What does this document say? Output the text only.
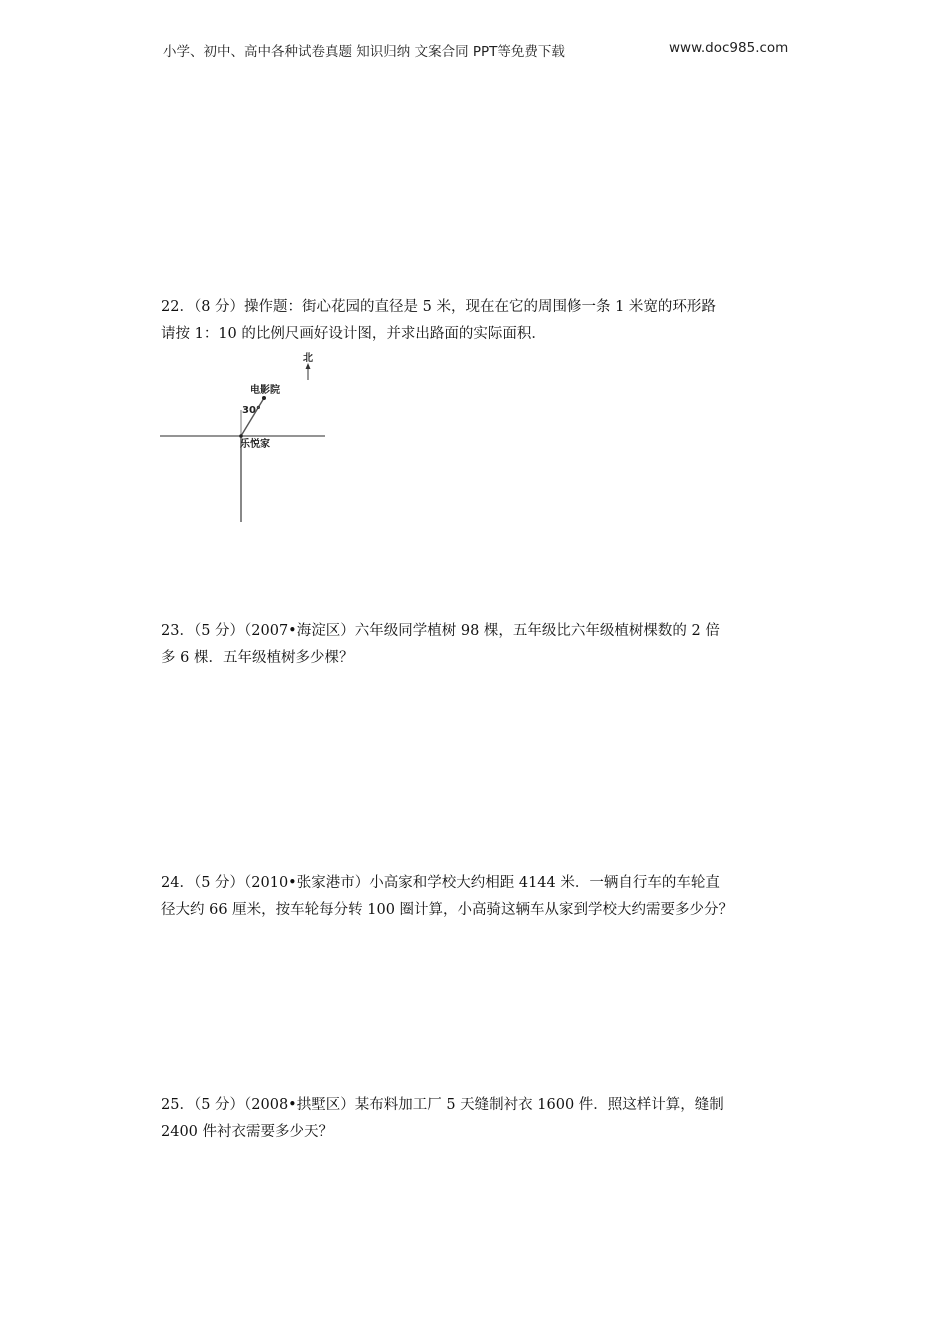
小学、初中、高中各种试卷真题 知识归纳 文案合同 PPT等免费下载	www.doc985.com

22．（8 分）操作题：街心花园的直径是 5 米，现在在它的周围修一条 1 米宽的环形路

请按 1：10 的比例尺画好设计图，并求出路面的实际面积．

北
电影院
30°
乐悦家

23．（5 分）（2007•海淀区）六年级同学植树 98 棵，五年级比六年级植树棵数的 2 倍

多 6 棵．五年级植树多少棵？

24．（5 分）（2010•张家港市）小高家和学校大约相距 4144 米．一辆自行车的车轮直

径大约 66 厘米，按车轮每分转 100 圈计算，小高骑这辆车从家到学校大约需要多少分？

25．（5 分）（2008•拱墅区）某布料加工厂 5 天缝制衬衣 1600 件．照这样计算，缝制

2400 件衬衣需要多少天？
